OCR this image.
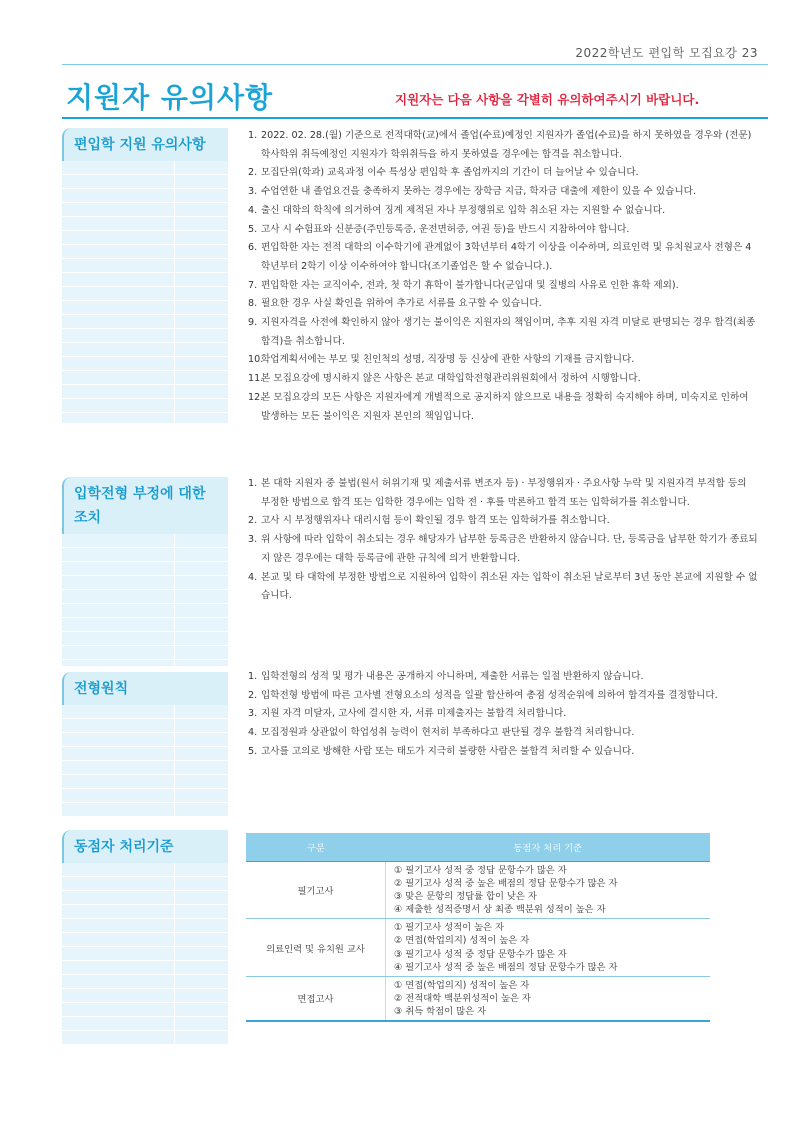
2022학년도 편입학 모집요강 23
지원자 유의사항	지원자는 다음 사항을 각별히 유의하여주시기 바랍니다.
편입학 지원 유의사항
1. 2022. 02. 28.(월) 기준으로 전적대학(교)에서 졸업(수료)예정인 지원자가 졸업(수료)을 하지 못하였을 경우와 (전문)학사학위 취득예정인 지원자가 학위취득을 하지 못하였을 경우에는 합격을 취소합니다.
2. 모집단위(학과) 교육과정 이수 특성상 편입학 후 졸업까지의 기간이 더 늘어날 수 있습니다.
3. 수업연한 내 졸업요건을 충족하지 못하는 경우에는 장학금 지급, 학자금 대출에 제한이 있을 수 있습니다.
4. 출신 대학의 학칙에 의거하여 징계 제적된 자나 부정행위로 입학 취소된 자는 지원할 수 없습니다.
5. 고사 시 수험표와 신분증(주민등록증, 운전면허증, 여권 등)을 반드시 지참하여야 합니다.
6. 편입학한 자는 전적 대학의 이수학기에 관계없이 3학년부터 4학기 이상을 이수하며, 의료인력 및 유치원교사 전형은 4학년부터 2학기 이상 이수하여야 합니다(조기졸업은 할 수 없습니다.).
7. 편입학한 자는 교직이수, 전과, 첫 학기 휴학이 불가합니다(군입대 및 질병의 사유로 인한 휴학 제외).
8. 필요한 경우 사실 확인을 위하여 추가로 서류를 요구할 수 있습니다.
9. 지원자격을 사전에 확인하지 않아 생기는 불이익은 지원자의 책임이며, 추후 지원 자격 미달로 판명되는 경우 합격(최종합격)을 취소합니다.
10.학업계획서에는 부모 및 친인척의 성명, 직장명 등 신상에 관한 사항의 기재를 금지합니다.
11.본 모집요강에 명시하지 않은 사항은 본교 대학입학전형관리위원회에서 정하여 시행합니다.
12.본 모집요강의 모든 사항은 지원자에게 개별적으로 공지하지 않으므로 내용을 정확히 숙지해야 하며, 미숙지로 인하여 발생하는 모든 불이익은 지원자 본인의 책임입니다.
입학전형 부정에 대한 조치
1. 본 대학 지원자 중 불법(원서 허위기재 및 제출서류 변조자 등) · 부정행위자 · 주요사항 누락 및 지원자격 부적합 등의 부정한 방법으로 합격 또는 입학한 경우에는 입학 전 · 후를 막론하고 합격 또는 입학허가를 취소합니다.
2. 고사 시 부정행위자나 대리시험 등이 확인될 경우 합격 또는 입학허가를 취소합니다.
3. 위 사항에 따라 입학이 취소되는 경우 해당자가 납부한 등록금은 반환하지 않습니다. 단, 등록금을 납부한 학기가 종료되지 않은 경우에는 대학 등록금에 관한 규칙에 의거 반환합니다.
4. 본교 및 타 대학에 부정한 방법으로 지원하여 입학이 취소된 자는 입학이 취소된 날로부터 3년 동안 본교에 지원할 수 없습니다.
전형원칙
1. 입학전형의 성적 및 평가 내용은 공개하지 아니하며, 제출한 서류는 일절 반환하지 않습니다.
2. 입학전형 방법에 따른 고사별 전형요소의 성적을 일괄 합산하여 총점 성적순위에 의하여 합격자를 결정합니다.
3. 지원 자격 미달자, 고사에 결시한 자, 서류 미제출자는 불합격 처리합니다.
4. 모집정원과 상관없이 학업성취 능력이 현저히 부족하다고 판단될 경우 불합격 처리합니다.
5. 고사를 고의로 방해한 사람 또는 태도가 지극히 불량한 사람은 불합격 처리할 수 있습니다.
동점자 처리기준	구분	동점자 처리 기준
필기고사	① 필기고사 성적 중 정답 문항수가 많은 자
② 필기고사 성적 중 높은 배점의 정답 문항수가 많은 자
③ 맞은 문항의 정답률 합이 낮은 자
④ 제출한 성적증명서 상 최종 백분위 성적이 높은 자

의료인력 및 유치원 교사	① 필기고사 성적이 높은 자
② 면접(학업의지) 성적이 높은 자
③ 필기고사 성적 중 정답 문항수가 많은 자
④ 필기고사 성적 중 높은 배점의 정답 문항수가 많은 자

면접고사	① 면접(학업의지) 성적이 높은 자
② 전적대학 백분위성적이 높은 자
③ 취득 학점이 많은 자
